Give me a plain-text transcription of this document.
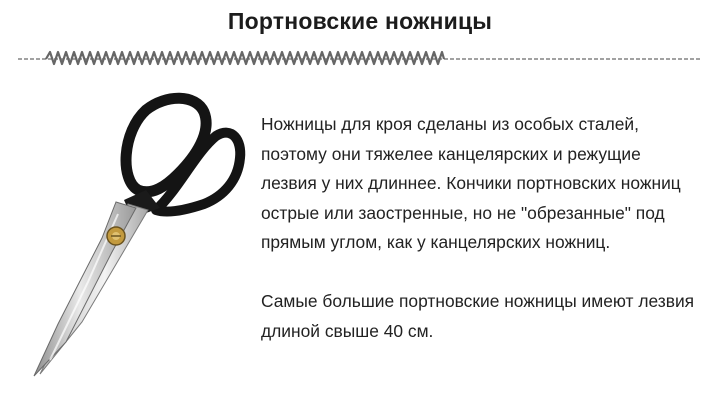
Портновские ножницы

Ножницы для кроя сделаны из особых сталей, поэтому они тяжелее канцелярских и режущие лезвия у них длиннее. Кончики портновских ножниц острые или заостренные, но не "обрезанные" под прямым углом, как у канцелярских ножниц.

Самые большие портновские ножницы имеют лезвия длиной свыше 40 см.
